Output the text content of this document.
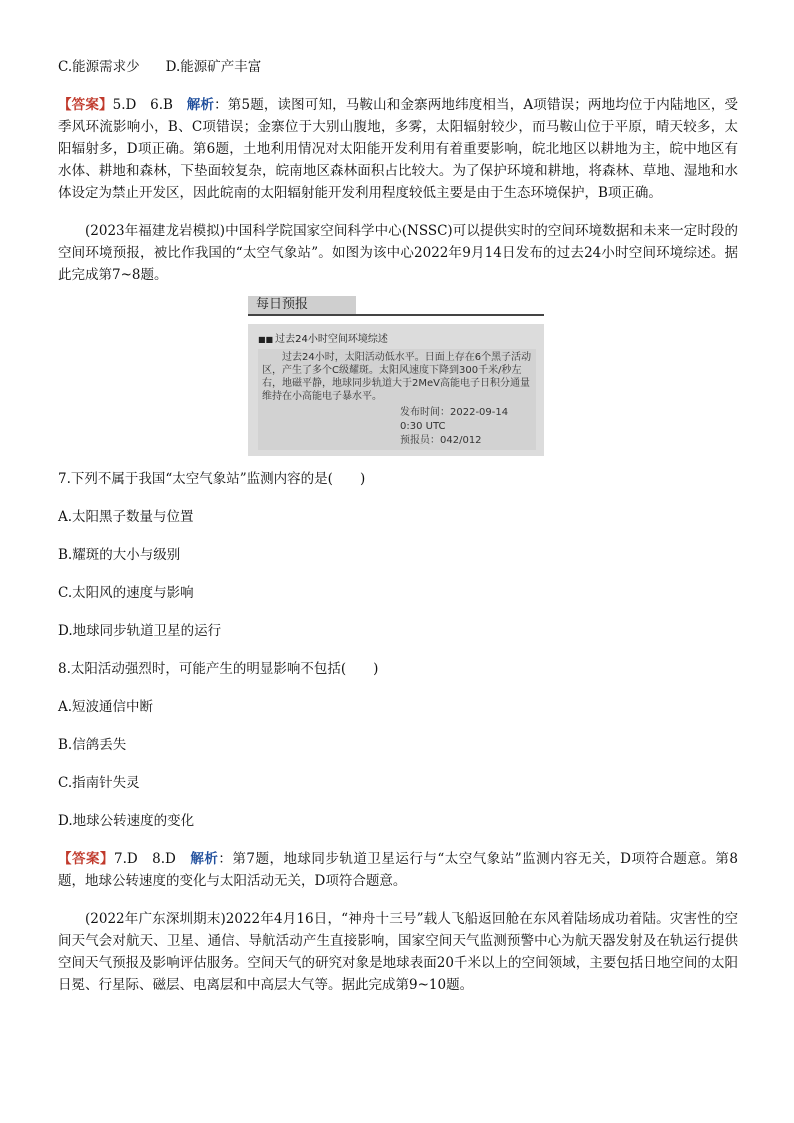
C.能源需求少 D.能源矿产丰富
【答案】5.D　6.B　解析：第5题，读图可知，马鞍山和金寨两地纬度相当，A项错误；两地均位于内陆地区，受季风环流影响小，B、C项错误；金寨位于大别山腹地，多雾，太阳辐射较少，而马鞍山位于平原，晴天较多，太阳辐射多，D项正确。第6题，土地利用情况对太阳能开发利用有着重要影响，皖北地区以耕地为主，皖中地区有水体、耕地和森林，下垫面较复杂，皖南地区森林面积占比较大。为了保护环境和耕地，将森林、草地、湿地和水体设定为禁止开发区，因此皖南的太阳辐射能开发利用程度较低主要是由于生态环境保护，B项正确。
(2023年福建龙岩模拟)中国科学院国家空间科学中心(NSSC)可以提供实时的空间环境数据和未来一定时段的空间环境预报，被比作我国的“太空气象站”。如图为该中心2022年9月14日发布的过去24小时空间环境综述。据此完成第7~8题。
每日预报
■■ 过去24小时空间环境综述

过去24小时，太阳活动低水平。日面上存在6个黑子活动区，产生了多个C级耀斑。太阳风速度下降到300千米/秒左右，地磁平静，地球同步轨道大于2MeV高能电子日积分通量维持在小高能电子暴水平。

发布时间：2022-09-14 0:30 UTC
预报员：042/012
7.下列不属于我国“太空气象站”监测内容的是(　　)
A.太阳黑子数量与位置
B.耀斑的大小与级别
C.太阳风的速度与影响
D.地球同步轨道卫星的运行
8.太阳活动强烈时，可能产生的明显影响不包括(　　)
A.短波通信中断
B.信鸽丢失
C.指南针失灵
D.地球公转速度的变化
【答案】7.D　8.D　解析：第7题，地球同步轨道卫星运行与“太空气象站”监测内容无关，D项符合题意。第8题，地球公转速度的变化与太阳活动无关，D项符合题意。
(2022年广东深圳期末)2022年4月16日，“神舟十三号”载人飞船返回舱在东风着陆场成功着陆。灾害性的空间天气会对航天、卫星、通信、导航活动产生直接影响，国家空间天气监测预警中心为航天器发射及在轨运行提供空间天气预报及影响评估服务。空间天气的研究对象是地球表面20千米以上的空间领域，主要包括日地空间的太阳日冕、行星际、磁层、电离层和中高层大气等。据此完成第9~10题。
